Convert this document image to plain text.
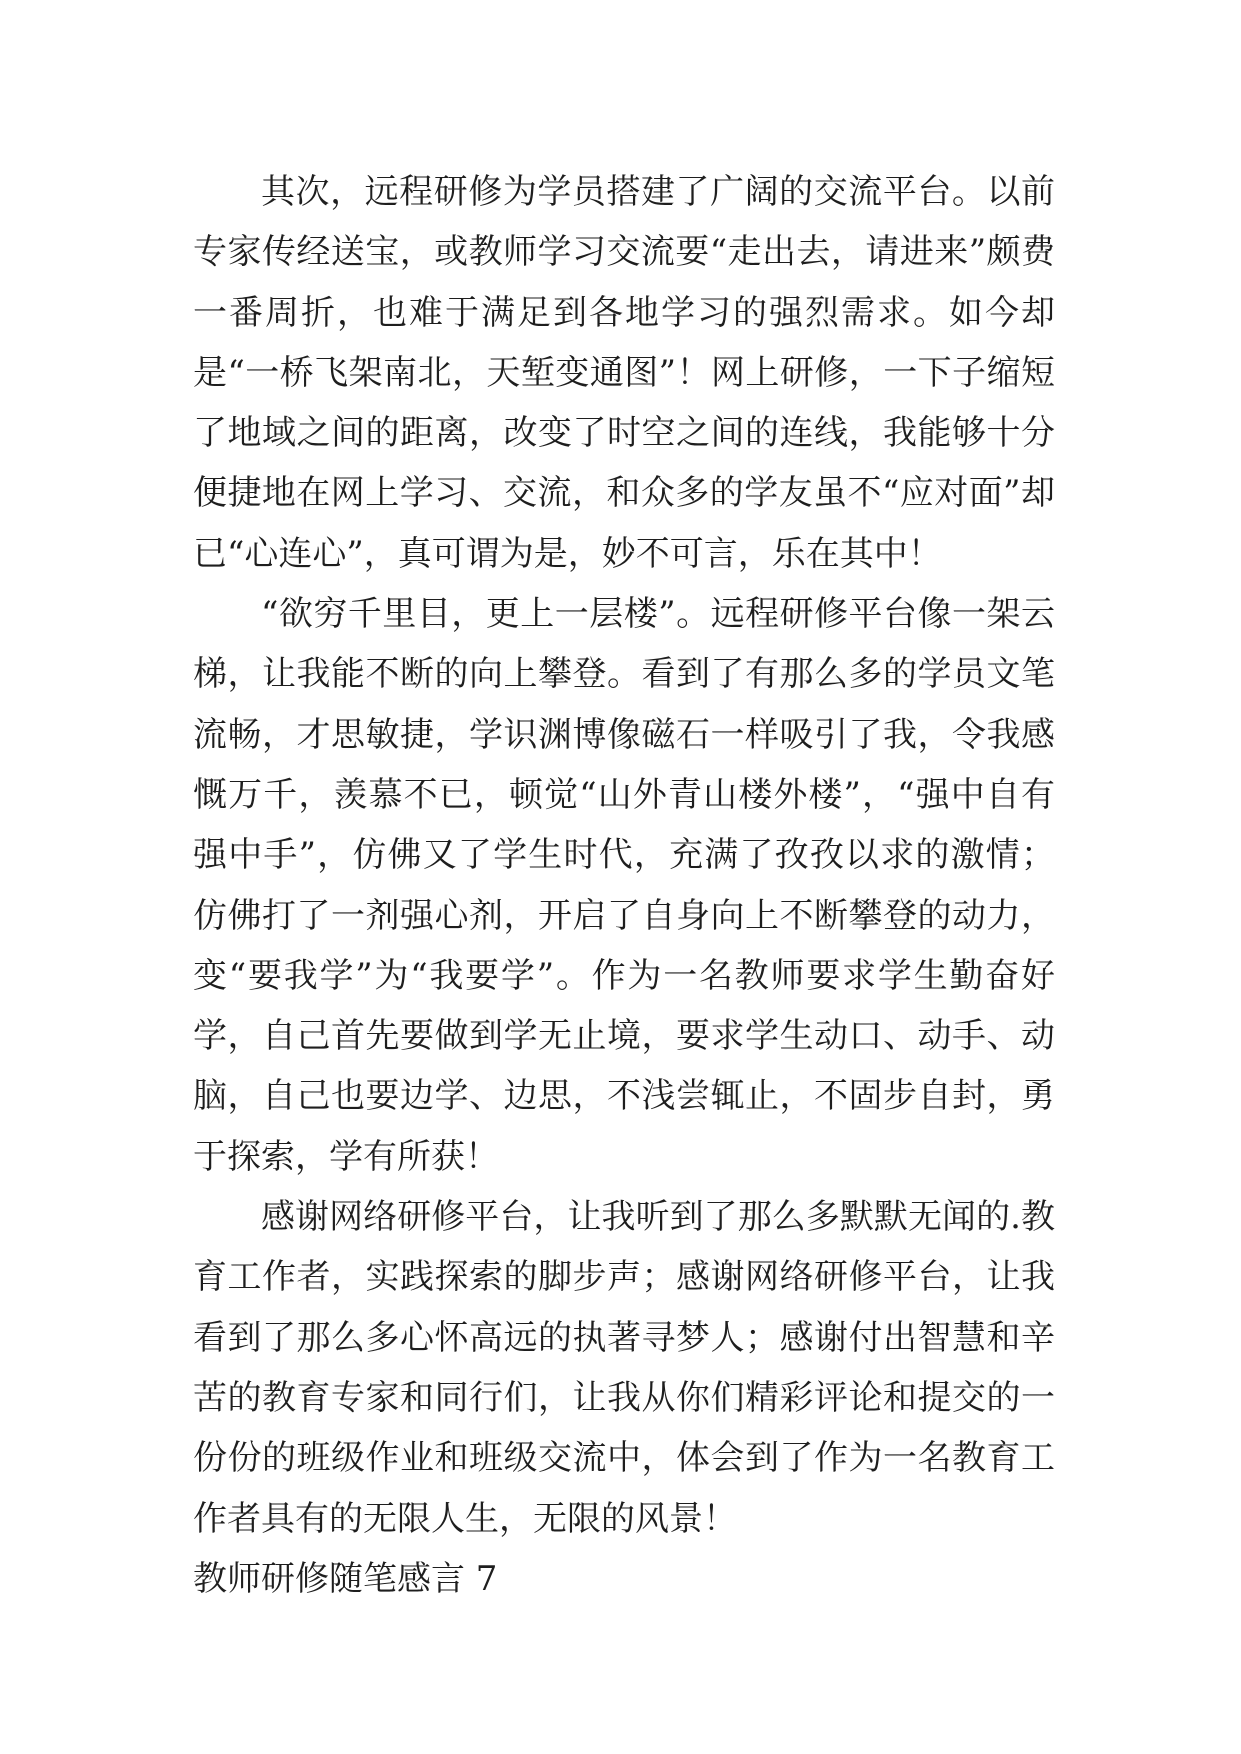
其次，远程研修为学员搭建了广阔的交流平台。以前专家传经送宝，或教师学习交流要“走出去，请进来”颇费一番周折，也难于满足到各地学习的强烈需求。如今却是“一桥飞架南北，天堑变通图”！网上研修，一下子缩短了地域之间的距离，改变了时空之间的连线，我能够十分便捷地在网上学习、交流，和众多的学友虽不“应对面”却已“心连心”，真可谓为是，妙不可言，乐在其中！

“欲穷千里目，更上一层楼”。远程研修平台像一架云梯，让我能不断的向上攀登。看到了有那么多的学员文笔流畅，才思敏捷，学识渊博像磁石一样吸引了我，令我感慨万千，羡慕不已，顿觉“山外青山楼外楼”，“强中自有强中手”，仿佛又了学生时代，充满了孜孜以求的激情；仿佛打了一剂强心剂，开启了自身向上不断攀登的动力，变“要我学”为“我要学”。作为一名教师要求学生勤奋好学，自己首先要做到学无止境，要求学生动口、动手、动脑，自己也要边学、边思，不浅尝辄止，不固步自封，勇于探索，学有所获！

感谢网络研修平台，让我听到了那么多默默无闻的.教育工作者，实践探索的脚步声；感谢网络研修平台，让我看到了那么多心怀高远的执著寻梦人；感谢付出智慧和辛苦的教育专家和同行们，让我从你们精彩评论和提交的一份份的班级作业和班级交流中，体会到了作为一名教育工作者具有的无限人生，无限的风景！

教师研修随笔感言 7
